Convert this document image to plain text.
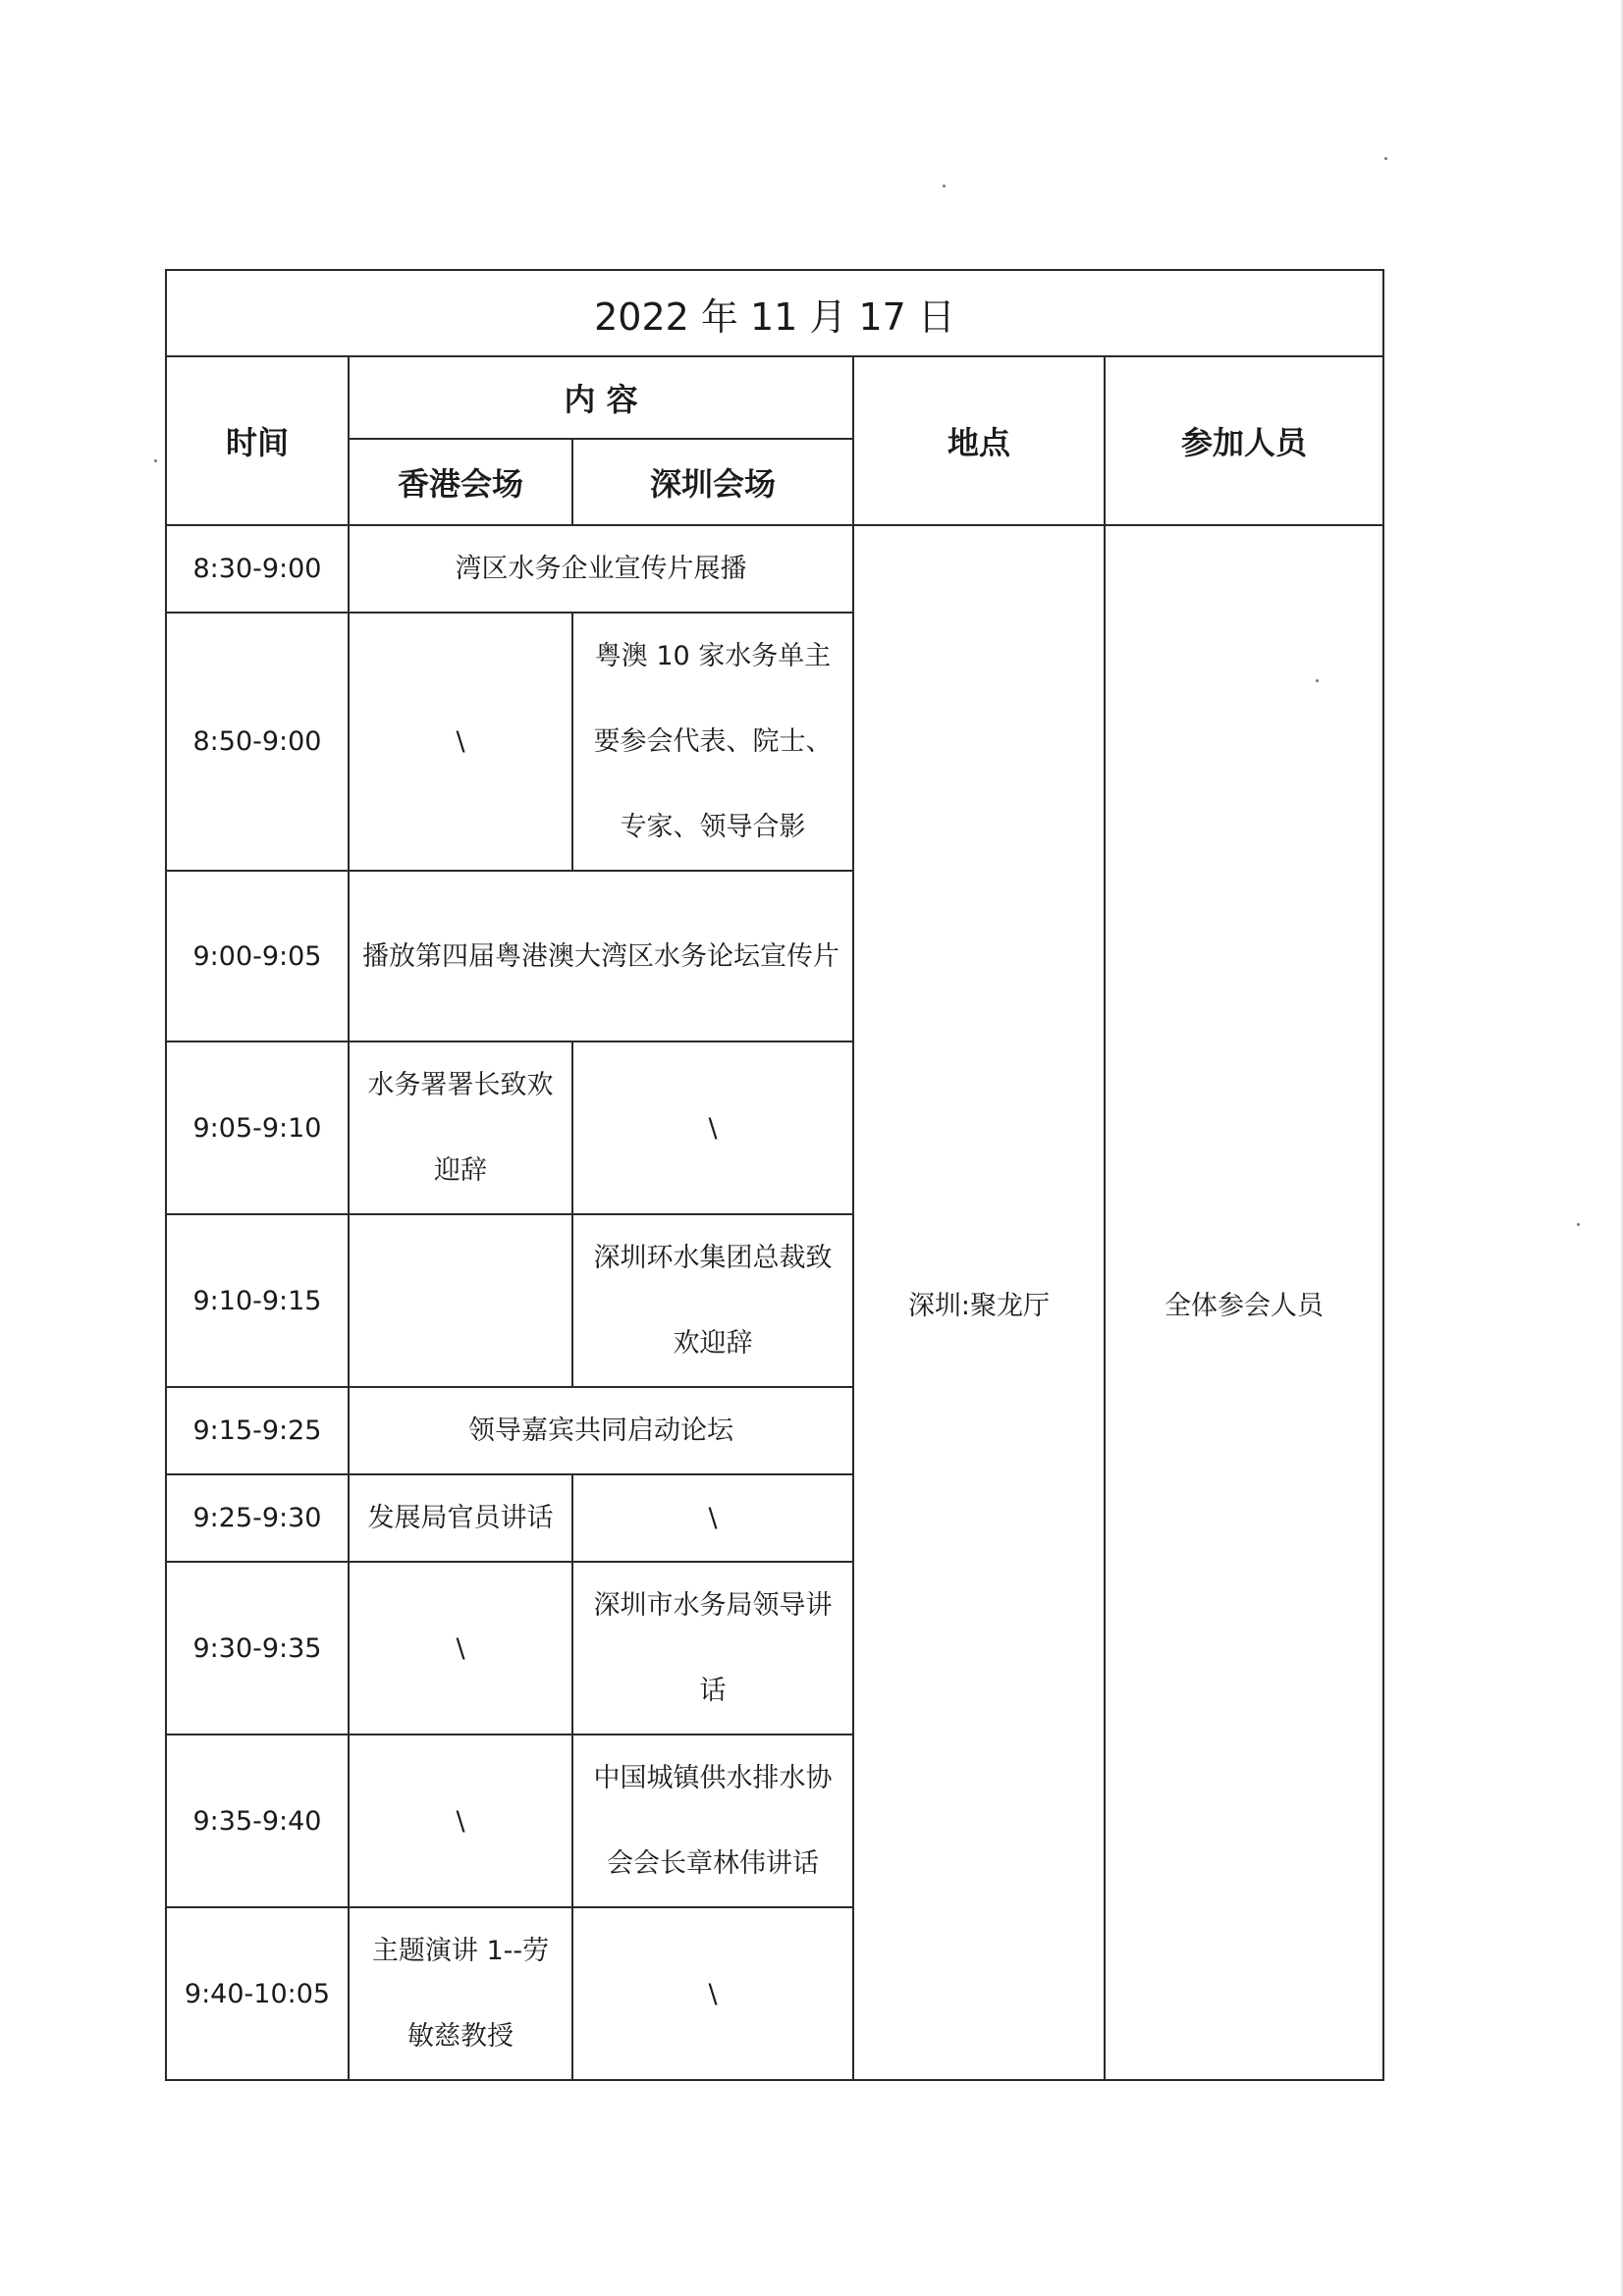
2022 年 11 月 17 日				
时间	内 容		地点	参加人员
	香港会场	深圳会场		
8:30-9:00	湾区水务企业宣传片展播		深圳:聚龙厅	全体参会人员
8:50-9:00	\	粤澳 10 家水务单主要参会代表、院士、专家、领导合影		
9:00-9:05	播放第四届粤港澳大湾区水务论坛宣传片			
9:05-9:10	水务署署长致欢迎辞	\		
9:10-9:15		深圳环水集团总裁致欢迎辞		
9:15-9:25	领导嘉宾共同启动论坛			
9:25-9:30	发展局官员讲话	\		
9:30-9:35	\	深圳市水务局领导讲话		
9:35-9:40	\	中国城镇供水排水协会会长章林伟讲话		
9:40-10:05	主题演讲 1--劳敏慈教授	\		
